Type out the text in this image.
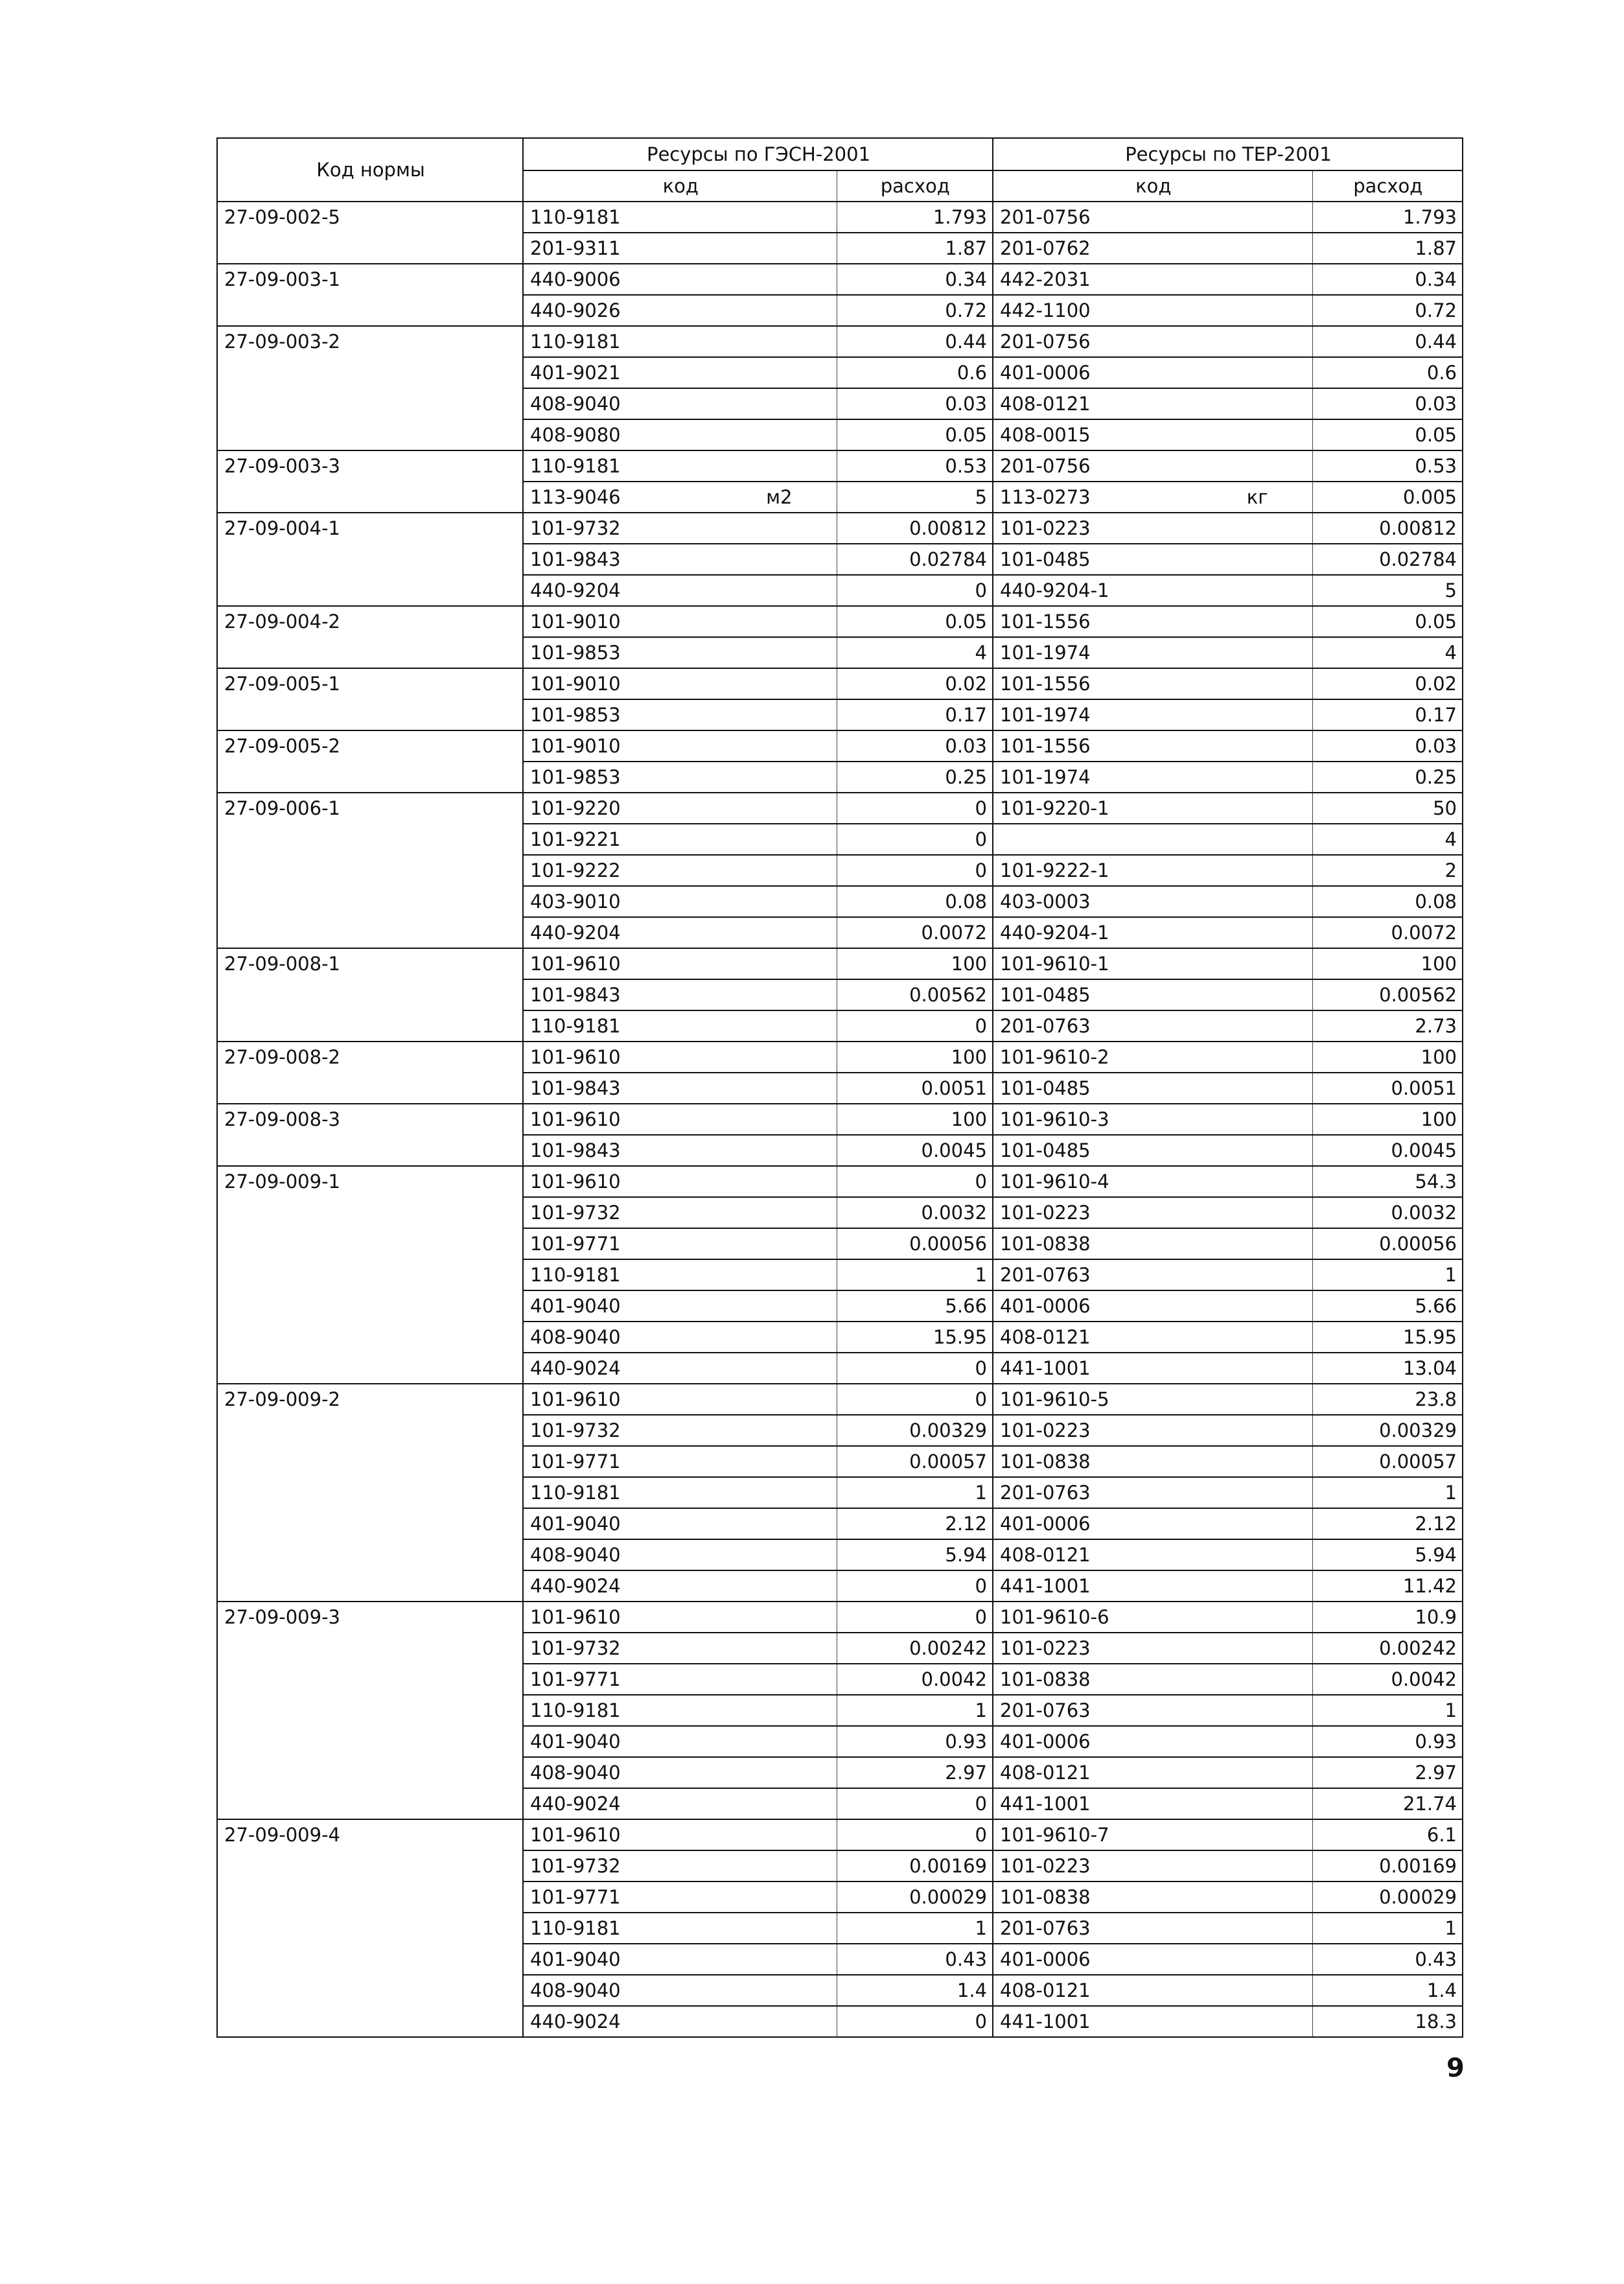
Код нормы	Ресурсы по ГЭСН-2001		Ресурсы по ТЕР-2001	
	код	расход	код	расход
27-09-002-5	110-9181	1.793	201-0756	1.793
	201-9311	1.87	201-0762	1.87
27-09-003-1	440-9006	0.34	442-2031	0.34
	440-9026	0.72	442-1100	0.72
27-09-003-2	110-9181	0.44	201-0756	0.44
	401-9021	0.6	401-0006	0.6
	408-9040	0.03	408-0121	0.03
	408-9080	0.05	408-0015	0.05
27-09-003-3	110-9181	0.53	201-0756	0.53
	113-9046 м2	5	113-0273 кг	0.005
27-09-004-1	101-9732	0.00812	101-0223	0.00812
	101-9843	0.02784	101-0485	0.02784
	440-9204	0	440-9204-1	5
27-09-004-2	101-9010	0.05	101-1556	0.05
	101-9853	4	101-1974	4
27-09-005-1	101-9010	0.02	101-1556	0.02
	101-9853	0.17	101-1974	0.17
27-09-005-2	101-9010	0.03	101-1556	0.03
	101-9853	0.25	101-1974	0.25
27-09-006-1	101-9220	0	101-9220-1	50
	101-9221	0		4
	101-9222	0	101-9222-1	2
	403-9010	0.08	403-0003	0.08
	440-9204	0.0072	440-9204-1	0.0072
27-09-008-1	101-9610	100	101-9610-1	100
	101-9843	0.00562	101-0485	0.00562
	110-9181	0	201-0763	2.73
27-09-008-2	101-9610	100	101-9610-2	100
	101-9843	0.0051	101-0485	0.0051
27-09-008-3	101-9610	100	101-9610-3	100
	101-9843	0.0045	101-0485	0.0045
27-09-009-1	101-9610	0	101-9610-4	54.3
	101-9732	0.0032	101-0223	0.0032
	101-9771	0.00056	101-0838	0.00056
	110-9181	1	201-0763	1
	401-9040	5.66	401-0006	5.66
	408-9040	15.95	408-0121	15.95
	440-9024	0	441-1001	13.04
27-09-009-2	101-9610	0	101-9610-5	23.8
	101-9732	0.00329	101-0223	0.00329
	101-9771	0.00057	101-0838	0.00057
	110-9181	1	201-0763	1
	401-9040	2.12	401-0006	2.12
	408-9040	5.94	408-0121	5.94
	440-9024	0	441-1001	11.42
27-09-009-3	101-9610	0	101-9610-6	10.9
	101-9732	0.00242	101-0223	0.00242
	101-9771	0.0042	101-0838	0.0042
	110-9181	1	201-0763	1
	401-9040	0.93	401-0006	0.93
	408-9040	2.97	408-0121	2.97
	440-9024	0	441-1001	21.74
27-09-009-4	101-9610	0	101-9610-7	6.1
	101-9732	0.00169	101-0223	0.00169
	101-9771	0.00029	101-0838	0.00029
	110-9181	1	201-0763	1
	401-9040	0.43	401-0006	0.43
	408-9040	1.4	408-0121	1.4
	440-9024	0	441-1001	18.3
9
